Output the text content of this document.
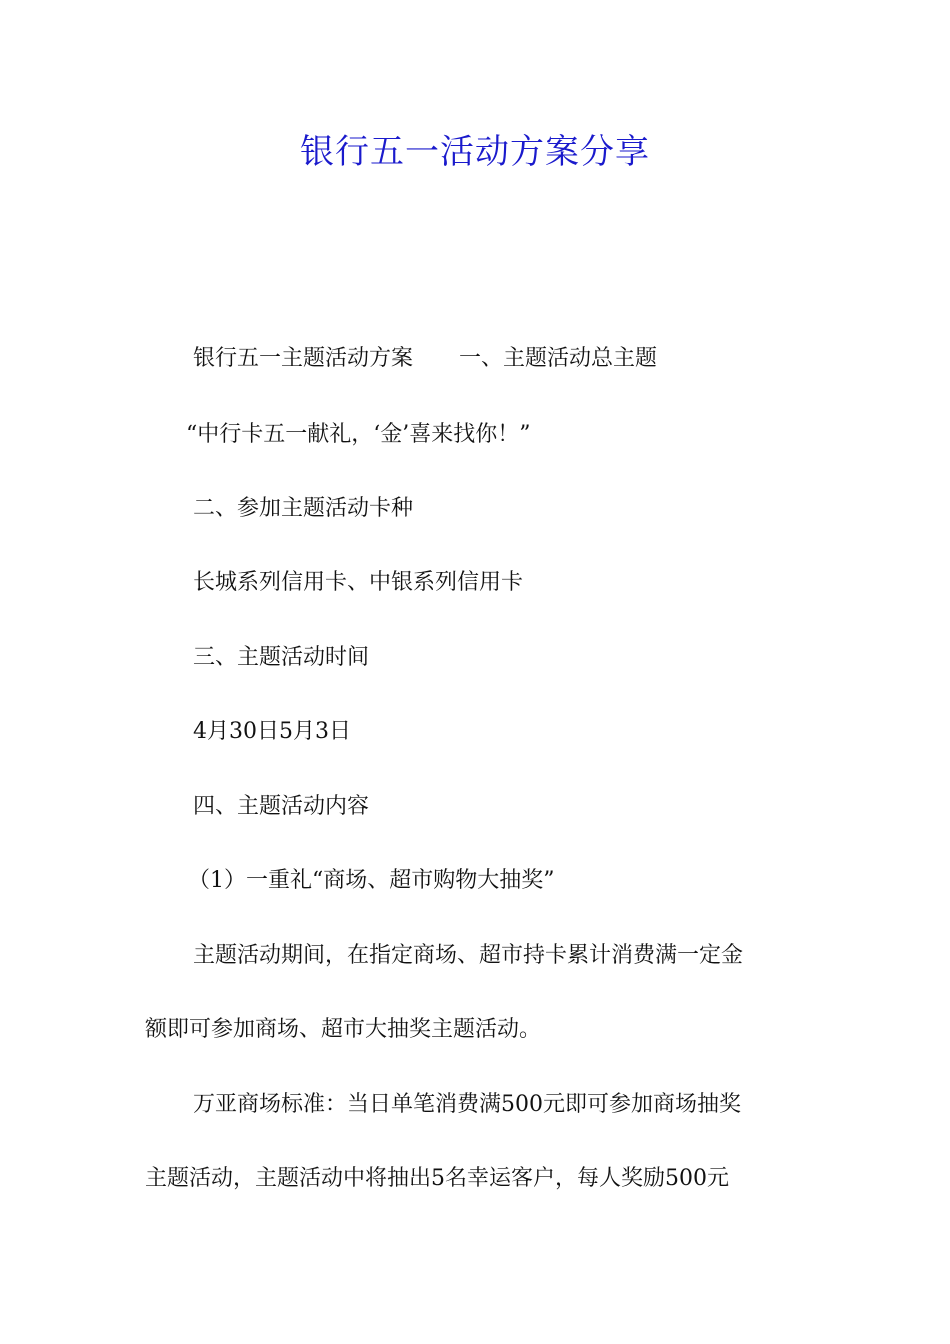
银行五一活动方案分享
银行五一主题活动方案 一、主题活动总主题
“中行卡五一献礼，‘金’喜来找你！”
二、参加主题活动卡种
长城系列信用卡、中银系列信用卡
三、主题活动时间
4月30日5月3日
四、主题活动内容
（1）一重礼“商场、超市购物大抽奖”
主题活动期间，在指定商场、超市持卡累计消费满一定金
额即可参加商场、超市大抽奖主题活动。
万亚商场标准：当日单笔消费满500元即可参加商场抽奖
主题活动，主题活动中将抽出5名幸运客户，每人奖励500元
